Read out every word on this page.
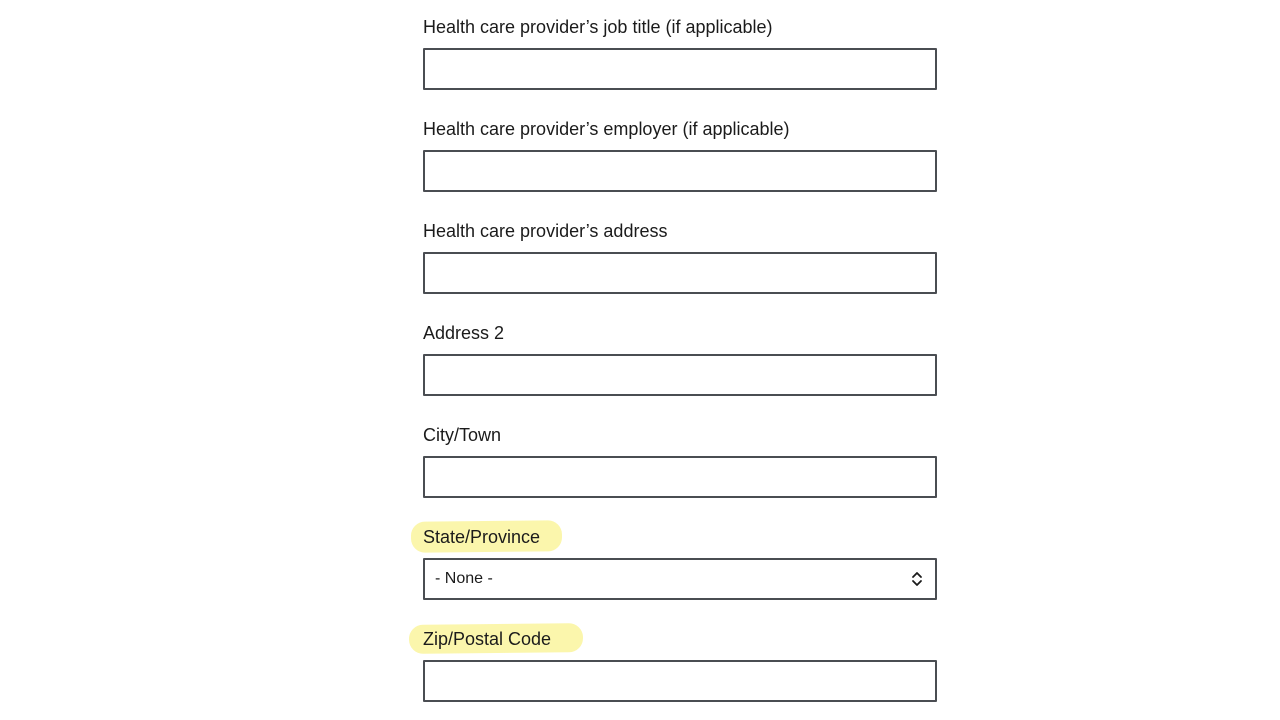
Health care provider’s job title (if applicable)
Health care provider’s employer (if applicable)
Health care provider’s address
Address 2
City/Town
State/Province
- None -
Zip/Postal Code
